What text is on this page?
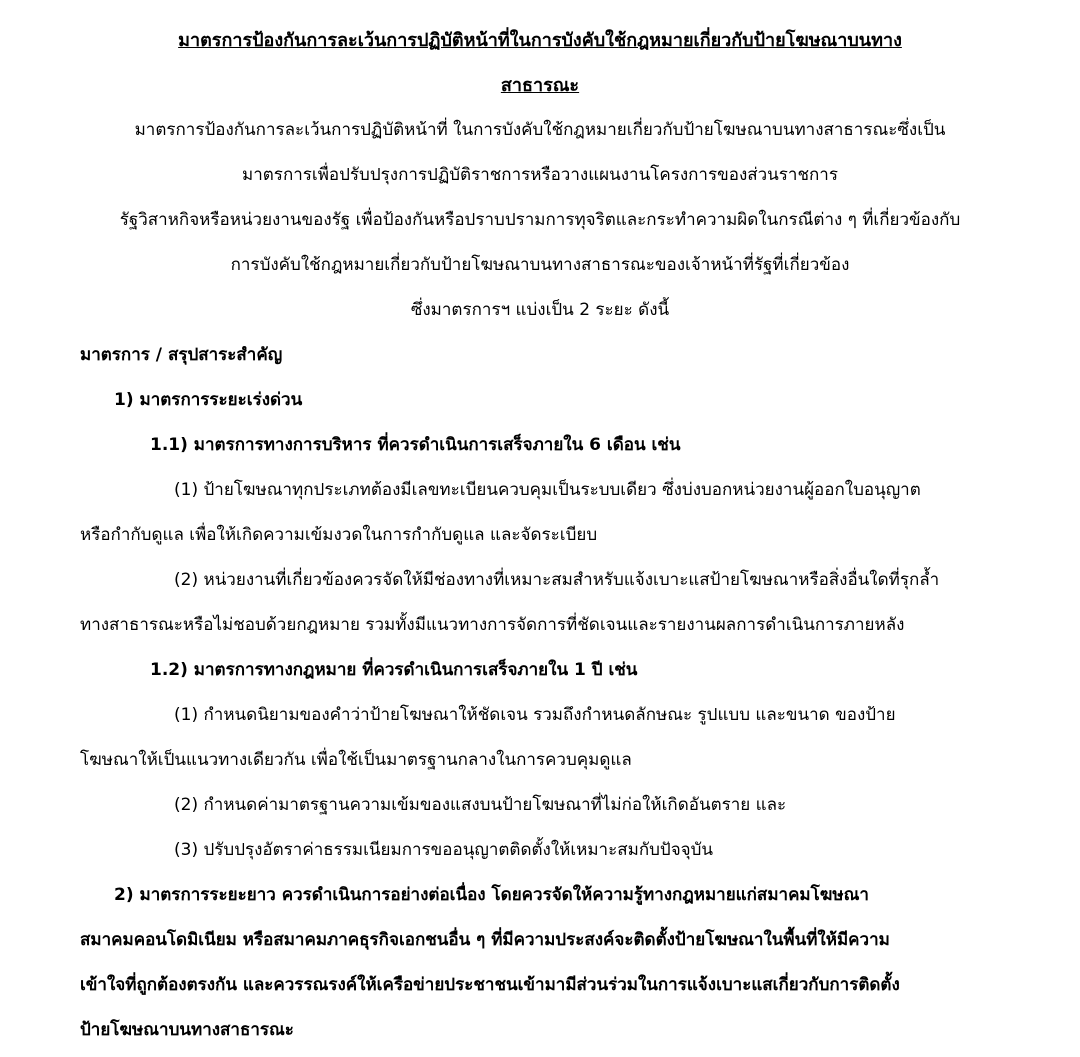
มาตรการป้องกันการละเว้นการปฏิบัติหน้าที่ในการบังคับใช้กฎหมายเกี่ยวกับป้ายโฆษณาบนทาง
สาธารณะ
มาตรการป้องกันการละเว้นการปฏิบัติหน้าที่ ในการบังคับใช้กฎหมายเกี่ยวกับป้ายโฆษณาบนทางสาธารณะซึ่งเป็น
มาตรการเพื่อปรับปรุงการปฏิบัติราชการหรือวางแผนงานโครงการของส่วนราชการ
รัฐวิสาหกิจหรือหน่วยงานของรัฐ เพื่อป้องกันหรือปราบปรามการทุจริตและกระทำความผิดในกรณีต่าง ๆ ที่เกี่ยวข้องกับ
การบังคับใช้กฎหมายเกี่ยวกับป้ายโฆษณาบนทางสาธารณะของเจ้าหน้าที่รัฐที่เกี่ยวข้อง
ซึ่งมาตรการฯ แบ่งเป็น 2 ระยะ ดังนี้
มาตรการ / สรุปสาระสำคัญ
1) มาตรการระยะเร่งด่วน
1.1) มาตรการทางการบริหาร ที่ควรดำเนินการเสร็จภายใน 6 เดือน เช่น
(1) ป้ายโฆษณาทุกประเภทต้องมีเลขทะเบียนควบคุมเป็นระบบเดียว ซึ่งบ่งบอกหน่วยงานผู้ออกใบอนุญาต
หรือกำกับดูแล เพื่อให้เกิดความเข้มงวดในการกำกับดูแล และจัดระเบียบ
(2) หน่วยงานที่เกี่ยวข้องควรจัดให้มีช่องทางที่เหมาะสมสำหรับแจ้งเบาะแสป้ายโฆษณาหรือสิ่งอื่นใดที่รุกล้ำ
ทางสาธารณะหรือไม่ชอบด้วยกฎหมาย รวมทั้งมีแนวทางการจัดการที่ชัดเจนและรายงานผลการดำเนินการภายหลัง
1.2) มาตรการทางกฎหมาย ที่ควรดำเนินการเสร็จภายใน 1 ปี เช่น
(1) กำหนดนิยามของคำว่าป้ายโฆษณาให้ชัดเจน รวมถึงกำหนดลักษณะ รูปแบบ และขนาด ของป้าย
โฆษณาให้เป็นแนวทางเดียวกัน เพื่อใช้เป็นมาตรฐานกลางในการควบคุมดูแล
(2) กำหนดค่ามาตรฐานความเข้มของแสงบนป้ายโฆษณาที่ไม่ก่อให้เกิดอันตราย และ
(3) ปรับปรุงอัตราค่าธรรมเนียมการขออนุญาตติดตั้งให้เหมาะสมกับปัจจุบัน
2) มาตรการระยะยาว ควรดำเนินการอย่างต่อเนื่อง โดยควรจัดให้ความรู้ทางกฎหมายแก่สมาคมโฆษณา
สมาคมคอนโดมิเนียม หรือสมาคมภาคธุรกิจเอกชนอื่น ๆ ที่มีความประสงค์จะติดตั้งป้ายโฆษณาในพื้นที่ให้มีความ
เข้าใจที่ถูกต้องตรงกัน และควรรณรงค์ให้เครือข่ายประชาชนเข้ามามีส่วนร่วมในการแจ้งเบาะแสเกี่ยวกับการติดตั้ง
ป้ายโฆษณาบนทางสาธารณะ
